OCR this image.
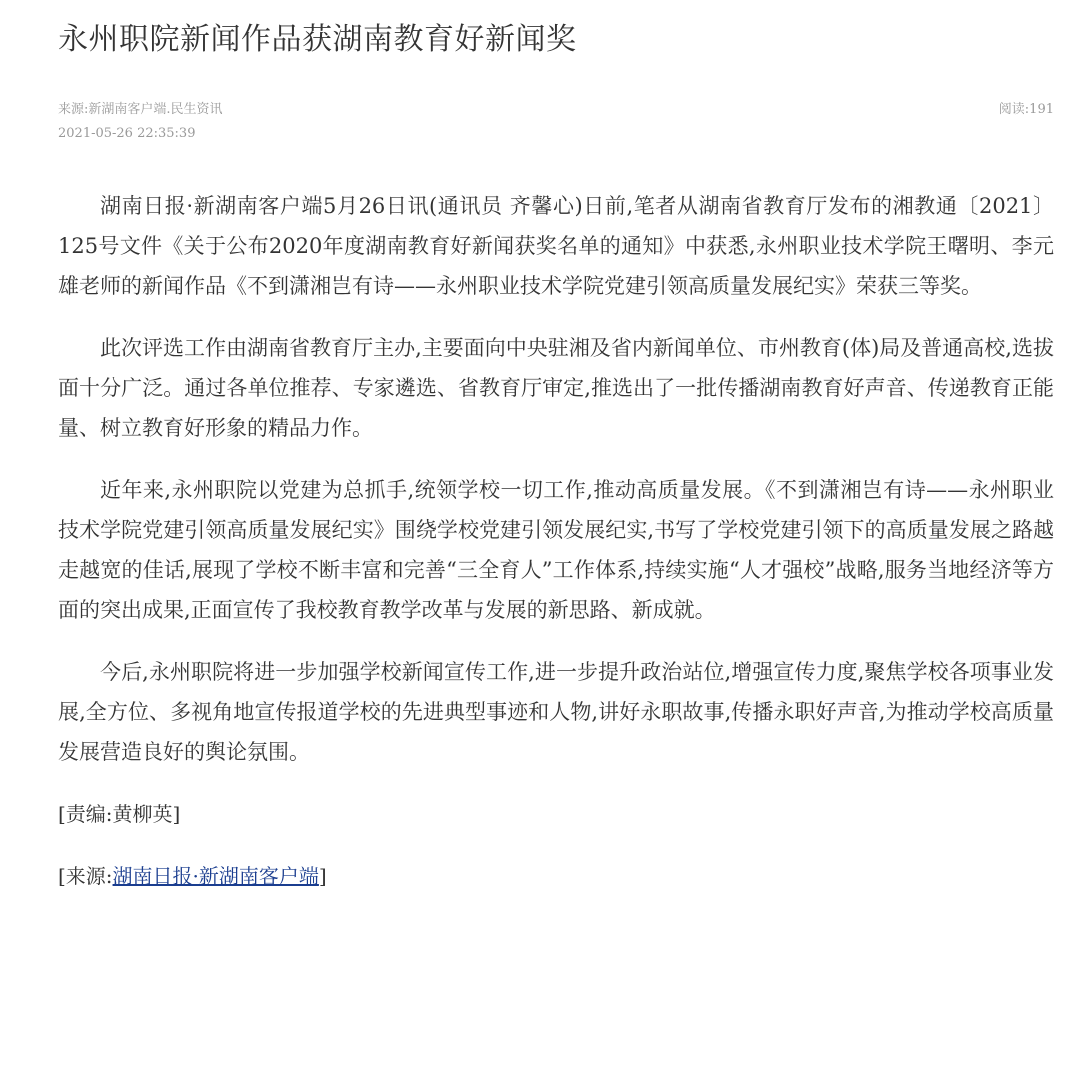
永州职院新闻作品获湖南教育好新闻奖
来源:新湖南客户端.民生资讯
2021-05-26 22:35:39
阅读:191

湖南日报·新湖南客户端5月26日讯(通讯员 齐馨心)日前,笔者从湖南省教育厅发布的湘教通〔2021〕125号文件《关于公布2020年度湖南教育好新闻获奖名单的通知》中获悉,永州职业技术学院王曙明、李元雄老师的新闻作品《不到潇湘岂有诗——永州职业技术学院党建引领高质量发展纪实》荣获三等奖。

此次评选工作由湖南省教育厅主办,主要面向中央驻湘及省内新闻单位、市州教育(体)局及普通高校,选拔面十分广泛。通过各单位推荐、专家遴选、省教育厅审定,推选出了一批传播湖南教育好声音、传递教育正能量、树立教育好形象的精品力作。

近年来,永州职院以党建为总抓手,统领学校一切工作,推动高质量发展。《不到潇湘岂有诗——永州职业技术学院党建引领高质量发展纪实》围绕学校党建引领发展纪实,书写了学校党建引领下的高质量发展之路越走越宽的佳话,展现了学校不断丰富和完善“三全育人”工作体系,持续实施“人才强校”战略,服务当地经济等方面的突出成果,正面宣传了我校教育教学改革与发展的新思路、新成就。

今后,永州职院将进一步加强学校新闻宣传工作,进一步提升政治站位,增强宣传力度,聚焦学校各项事业发展,全方位、多视角地宣传报道学校的先进典型事迹和人物,讲好永职故事,传播永职好声音,为推动学校高质量发展营造良好的舆论氛围。

[责编:黄柳英]

[来源:湖南日报·新湖南客户端]
